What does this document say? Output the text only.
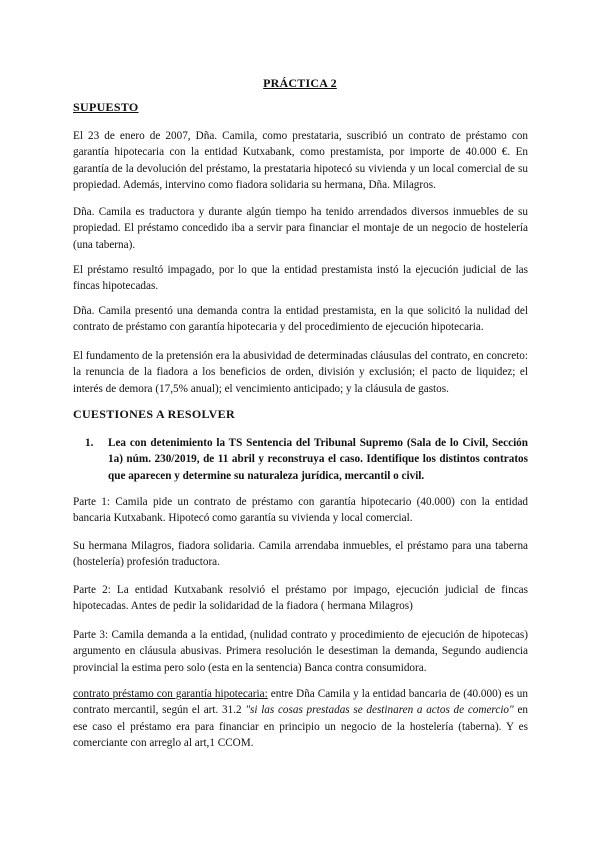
PRÁCTICA 2
SUPUESTO

El 23 de enero de 2007, Dña. Camila, como prestataria, suscribió un contrato de préstamo con garantía hipotecaria con la entidad Kutxabank, como prestamista, por importe de 40.000 €. En garantía de la devolución del préstamo, la prestataria hipotecó su vivienda y un local comercial de su propiedad. Además, intervino como fiadora solidaria su hermana, Dña. Milagros.

Dña. Camila es traductora y durante algún tiempo ha tenido arrendados diversos inmuebles de su propiedad. El préstamo concedido iba a servir para financiar el montaje de un negocio de hostelería (una taberna).

El préstamo resultó impagado, por lo que la entidad prestamista instó la ejecución judicial de las fincas hipotecadas.

Dña. Camila presentó una demanda contra la entidad prestamista, en la que solicitó la nulidad del contrato de préstamo con garantía hipotecaria y del procedimiento de ejecución hipotecaria.

El fundamento de la pretensión era la abusividad de determinadas cláusulas del contrato, en concreto: la renuncia de la fiadora a los beneficios de orden, división y exclusión; el pacto de liquidez; el interés de demora (17,5% anual); el vencimiento anticipado; y la cláusula de gastos.

CUESTIONES A RESOLVER

1.	Lea con detenimiento la TS Sentencia del Tribunal Supremo (Sala de lo Civil, Sección 1a) núm. 230/2019, de 11 abril y reconstruya el caso. Identifique los distintos contratos que aparecen y determine su naturaleza jurídica, mercantil o civil.

Parte 1: Camila pide un contrato de préstamo con garantía hipotecario (40.000) con la entidad bancaria Kutxabank. Hipotecó como garantía su vivienda y local comercial.

Su hermana Milagros, fiadora solidaria. Camila arrendaba inmuebles, el préstamo para una taberna (hostelería) profesión traductora.

Parte 2: La entidad Kutxabank resolvió el préstamo por impago, ejecución judicial de fincas hipotecadas. Antes de pedir la solidaridad de la fiadora ( hermana Milagros)

Parte 3: Camila demanda a la entidad, (nulidad contrato y procedimiento de ejecución de hipotecas) argumento en cláusula abusivas. Primera resolución le desestiman la demanda, Segundo audiencia provincial la estima pero solo (esta en la sentencia) Banca contra consumidora.

contrato préstamo con garantía hipotecaria: entre Dña Camila y la entidad bancaria de (40.000) es un contrato mercantil, según el art. 31.2 "si las cosas prestadas se destinaren a actos de comercio" en ese caso el préstamo era para financiar en principio un negocio de la hostelería (taberna). Y es comerciante con arreglo al art,1 CCOM.
